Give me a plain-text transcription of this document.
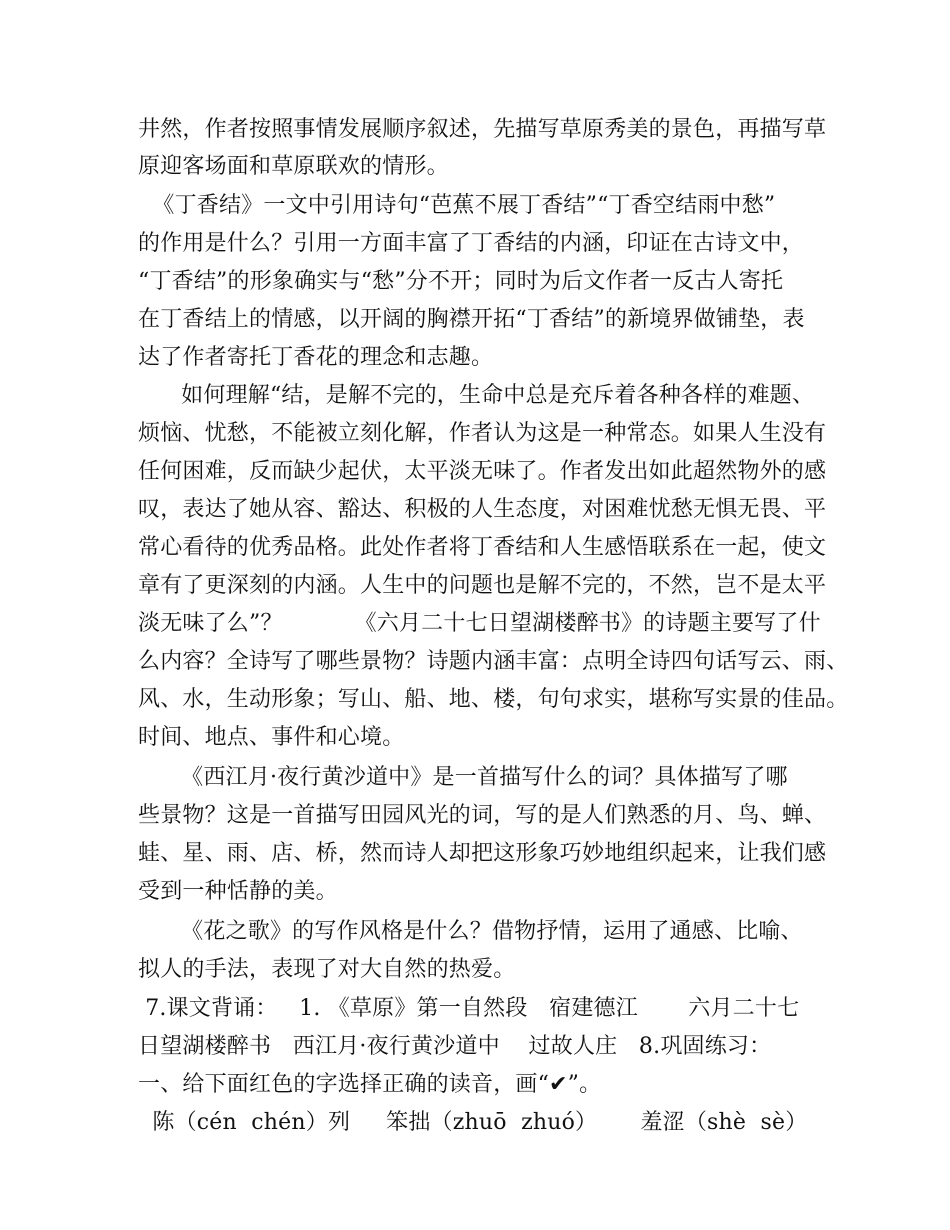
井然，作者按照事情发展顺序叙述，先描写草原秀美的景色，再描写草
原迎客场面和草原联欢的情形。
《丁香结》一文中引用诗句“芭蕉不展丁香结”“丁香空结雨中愁”
的作用是什么？引用一方面丰富了丁香结的内涵，印证在古诗文中，
“丁香结”的形象确实与“愁”分不开；同时为后文作者一反古人寄托
在丁香结上的情感，以开阔的胸襟开拓“丁香结”的新境界做铺垫，表
达了作者寄托丁香花的理念和志趣。
如何理解“结，是解不完的，生命中总是充斥着各种各样的难题、
烦恼、忧愁，不能被立刻化解，作者认为这是一种常态。如果人生没有
任何困难，反而缺少起伏，太平淡无味了。作者发出如此超然物外的感
叹，表达了她从容、豁达、积极的人生态度，对困难忧愁无惧无畏、平
常心看待的优秀品格。此处作者将丁香结和人生感悟联系在一起，使文
章有了更深刻的内涵。人生中的问题也是解不完的，不然，岂不是太平
淡无味了么”？          《六月二十七日望湖楼醉书》的诗题主要写了什
么内容？全诗写了哪些景物？诗题内涵丰富：点明全诗四句话写云、雨、
风、水，生动形象；写山、船、地、楼，句句求实，堪称写实景的佳品。
时间、地点、事件和心境。
《西江月·夜行黄沙道中》是一首描写什么的词？具体描写了哪
些景物？这是一首描写田园风光的词，写的是人们熟悉的月、鸟、蝉、
蛙、星、雨、店、桥，然而诗人却把这形象巧妙地组织起来，让我们感
受到一种恬静的美。
《花之歌》的写作风格是什么？借物抒情，运用了通感、比喻、
拟人的手法，表现了对大自然的热爱。
7.课文背诵：   1. 《草原》第一自然段   宿建德江       六月二十七
日望湖楼醉书   西江月·夜行黄沙道中    过故人庄   8.巩固练习：
一、给下面红色的字选择正确的读音，画“✔”。
陈（cén  chén）列     笨拙（zhuō  zhuó）      羞涩（shè  sè）
